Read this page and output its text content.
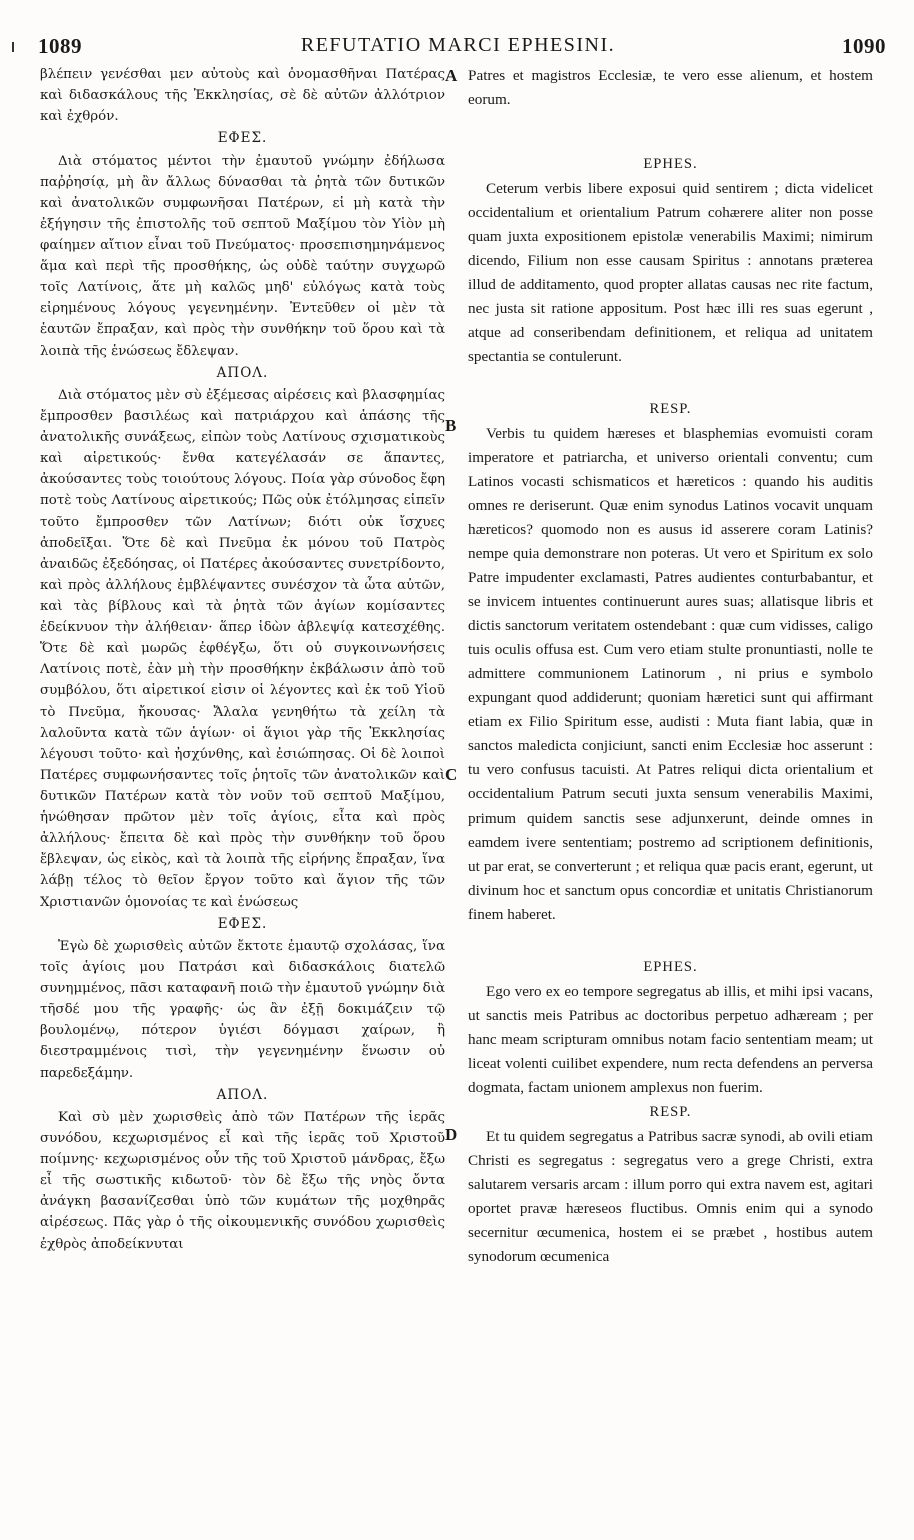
1089	REFUTATIO MARCI EPHESINI.	1090
A
B
C
D

βλέπειν γενέσθαι μεν αὐτοὺς καὶ ὀνομασθῆναι Πατέρας καὶ διδασκάλους τῆς Ἐκκλησίας, σὲ δὲ αὐτῶν ἀλλότριον καὶ ἐχθρόν.

ΕΦΕΣ.

Διὰ στόματος μέντοι τὴν ἐμαυτοῦ γνώμην ἐδήλωσα παῤῥησίᾳ, μὴ ἂν ἄλλως δύνασθαι τὰ ῥητὰ τῶν δυτικῶν καὶ ἀνατολικῶν συμφωνῆσαι Πατέρων, εἰ μὴ κατὰ τὴν ἐξήγησιν τῆς ἐπιστολῆς τοῦ σεπτοῦ Μαξίμου τὸν Υἱὸν μὴ φαίημεν αἴτιον εἶναι τοῦ Πνεύματος· προσεπισημηνάμενος ἅμα καὶ περὶ τῆς προσθήκης, ὡς οὐδὲ ταύτην συγχωρῶ τοῖς Λατίνοις, ἅτε μὴ καλῶς μηδ' εὐλόγως κατὰ τοὺς εἰρημένους λόγους γεγενημένην. Ἐντεῦθεν οἱ μὲν τὰ ἑαυτῶν ἔπραξαν, καὶ πρὸς τὴν συνθήκην τοῦ ὅρου καὶ τὰ λοιπὰ τῆς ἑνώσεως ἔδλεψαν.

ΑΠΟΛ.

Διὰ στόματος μὲν σὺ ἐξέμεσας αἱρέσεις καὶ βλασφημίας ἔμπροσθεν βασιλέως καὶ πατριάρχου καὶ ἁπάσης τῆς ἀνατολικῆς συνάξεως, εἰπὼν τοὺς Λατίνους σχισματικοὺς καὶ αἱρετικούς· ἔνθα κατεγέλασάν σε ἅπαντες, ἀκούσαντες τοὺς τοιούτους λόγους. Ποία γὰρ σύνοδος ἔφη ποτὲ τοὺς Λατίνους αἱρετικούς; Πῶς οὐκ ἐτόλμησας εἰπεῖν τοῦτο ἔμπροσθεν τῶν Λατίνων; διότι οὐκ ἴσχυες ἀποδεῖξαι. Ὅτε δὲ καὶ Πνεῦμα ἐκ μόνου τοῦ Πατρὸς ἀναιδῶς ἐξεδόησας, οἱ Πατέρες ἀκούσαντες συνετρίδοντο, καὶ πρὸς ἀλλήλους ἐμβλέψαντες συνέσχον τὰ ὦτα αὐτῶν, καὶ τὰς βίβλους καὶ τὰ ῥητὰ τῶν ἁγίων κομίσαντες ἐδείκνυον τὴν ἀλήθειαν· ἅπερ ἰδὼν ἀβλεψίᾳ κατεσχέθης. Ὅτε δὲ καὶ μωρῶς ἐφθέγξω, ὅτι οὐ συγκοινωνήσεις Λατίνοις ποτὲ, ἐὰν μὴ τὴν προσθήκην ἐκβάλωσιν ἀπὸ τοῦ συμβόλου, ὅτι αἱρετικοί εἰσιν οἱ λέγοντες καὶ ἐκ τοῦ Υἱοῦ τὸ Πνεῦμα, ἤκουσας· Ἄλαλα γενηθήτω τὰ χείλη τὰ λαλοῦντα κατὰ τῶν ἁγίων· οἱ ἅγιοι γὰρ τῆς Ἐκκλησίας λέγουσι τοῦτο· καὶ ἠσχύνθης, καὶ ἐσιώπησας. Οἱ δὲ λοιποὶ Πατέρες συμφωνήσαντες τοῖς ῥητοῖς τῶν ἀνατολικῶν καὶ δυτικῶν Πατέρων κατὰ τὸν νοῦν τοῦ σεπτοῦ Μαξίμου, ἡνώθησαν πρῶτον μὲν τοῖς ἁγίοις, εἶτα καὶ πρὸς ἀλλήλους· ἔπειτα δὲ καὶ πρὸς τὴν συνθήκην τοῦ ὅρου ἔβλεψαν, ὡς εἰκὸς, καὶ τὰ λοιπὰ τῆς εἰρήνης ἔπραξαν, ἵνα λάβῃ τέλος τὸ θεῖον ἔργον τοῦτο καὶ ἅγιον τῆς τῶν Χριστιανῶν ὁμονοίας τε καὶ ἑνώσεως

ΕΦΕΣ.

Ἐγὼ δὲ χωρισθεὶς αὐτῶν ἔκτοτε ἐμαυτῷ σχολάσας, ἵνα τοῖς ἁγίοις μου Πατράσι καὶ διδασκάλοις διατελῶ συνημμένος, πᾶσι καταφανῆ ποιῶ τὴν ἐμαυτοῦ γνώμην διὰ τῆσδέ μου τῆς γραφῆς· ὡς ἂν ἐξῇ δοκιμάζειν τῷ βουλομένῳ, πότερον ὑγιέσι δόγμασι χαίρων, ἢ διεστραμμένοις τισὶ, τὴν γεγενημένην ἕνωσιν οὐ παρεδεξάμην.

ΑΠΟΛ.

Καὶ σὺ μὲν χωρισθεὶς ἀπὸ τῶν Πατέρων τῆς ἱερᾶς συνόδου, κεχωρισμένος εἶ καὶ τῆς ἱερᾶς τοῦ Χριστοῦ ποίμνης· κεχωρισμένος οὖν τῆς τοῦ Χριστοῦ μάνδρας, ἔξω εἶ τῆς σωστικῆς κιδωτοῦ· τὸν δὲ ἔξω τῆς νηὸς ὄντα ἀνάγκη βασανίζεσθαι ὑπὸ τῶν κυμάτων τῆς μοχθηρᾶς αἱρέσεως. Πᾶς γὰρ ὁ τῆς οἰκουμενικῆς συνόδου χωρισθεὶς ἐχθρὸς ἀποδείκνυται

Patres et magistros Ecclesiæ, te vero esse alienum, et hostem eorum.

EPHES.

Ceterum verbis libere exposui quid sentirem ; dicta videlicet occidentalium et orientalium Patrum cohærere aliter non posse quam juxta expositionem epistolæ venerabilis Maximi; nimirum dicendo, Filium non esse causam Spiritus : annotans præterea illud de additamento, quod propter allatas causas nec rite factum, nec justa sit ratione appositum. Post hæc illi res suas egerunt , atque ad conseribendam definitionem, et reliqua ad unitatem spectantia se contulerunt.

RESP.

Verbis tu quidem hæreses et blasphemias evomuisti coram imperatore et patriarcha, et universo orientali conventu; cum Latinos vocasti schismaticos et hæreticos : quando his auditis omnes re deriserunt. Quæ enim synodus Latinos vocavit unquam hæreticos? quomodo non es ausus id asserere coram Latinis? nempe quia demonstrare non poteras. Ut vero et Spiritum ex solo Patre impudenter exclamasti, Patres audientes conturbabantur, et se invicem intuentes continuerunt aures suas; allatisque libris et dictis sanctorum veritatem ostendebant : quæ cum vidisses, caligo tuis oculis offusa est. Cum vero etiam stulte pronuntiasti, nolle te admittere communionem Latinorum , ni prius e symbolo expungant quod addiderunt; quoniam hæretici sunt qui affirmant etiam ex Filio Spiritum esse, audisti : Muta fiant labia, quæ in sanctos maledicta conjiciunt, sancti enim Ecclesiæ hoc asserunt : tu vero confusus tacuisti. At Patres reliqui dicta orientalium et occidentalium Patrum secuti juxta sensum venerabilis Maximi, primum quidem sanctis sese adjunxerunt, deinde omnes in eamdem ivere sententiam; postremo ad scriptionem definitionis, ut par erat, se converterunt ; et reliqua quæ pacis erant, egerunt, ut divinum hoc et sanctum opus concordiæ et unitatis Christianorum finem haberet.

EPHES.

Ego vero ex eo tempore segregatus ab illis, et mihi ipsi vacans, ut sanctis meis Patribus ac doctoribus perpetuo adhæream ; per hanc meam scripturam omnibus notam facio sententiam meam; ut liceat volenti cuilibet expendere, num recta defendens an perversa dogmata, factam unionem amplexus non fuerim.

RESP.

Et tu quidem segregatus a Patribus sacræ synodi, ab ovili etiam Christi es segregatus : segregatus vero a grege Christi, extra salutarem versaris arcam : illum porro qui extra navem est, agitari oportet pravæ hæreseos fluctibus. Omnis enim qui a synodo secernitur œcumenica, hostem ei se præbet , hostibus autem synodorum œcumenica
